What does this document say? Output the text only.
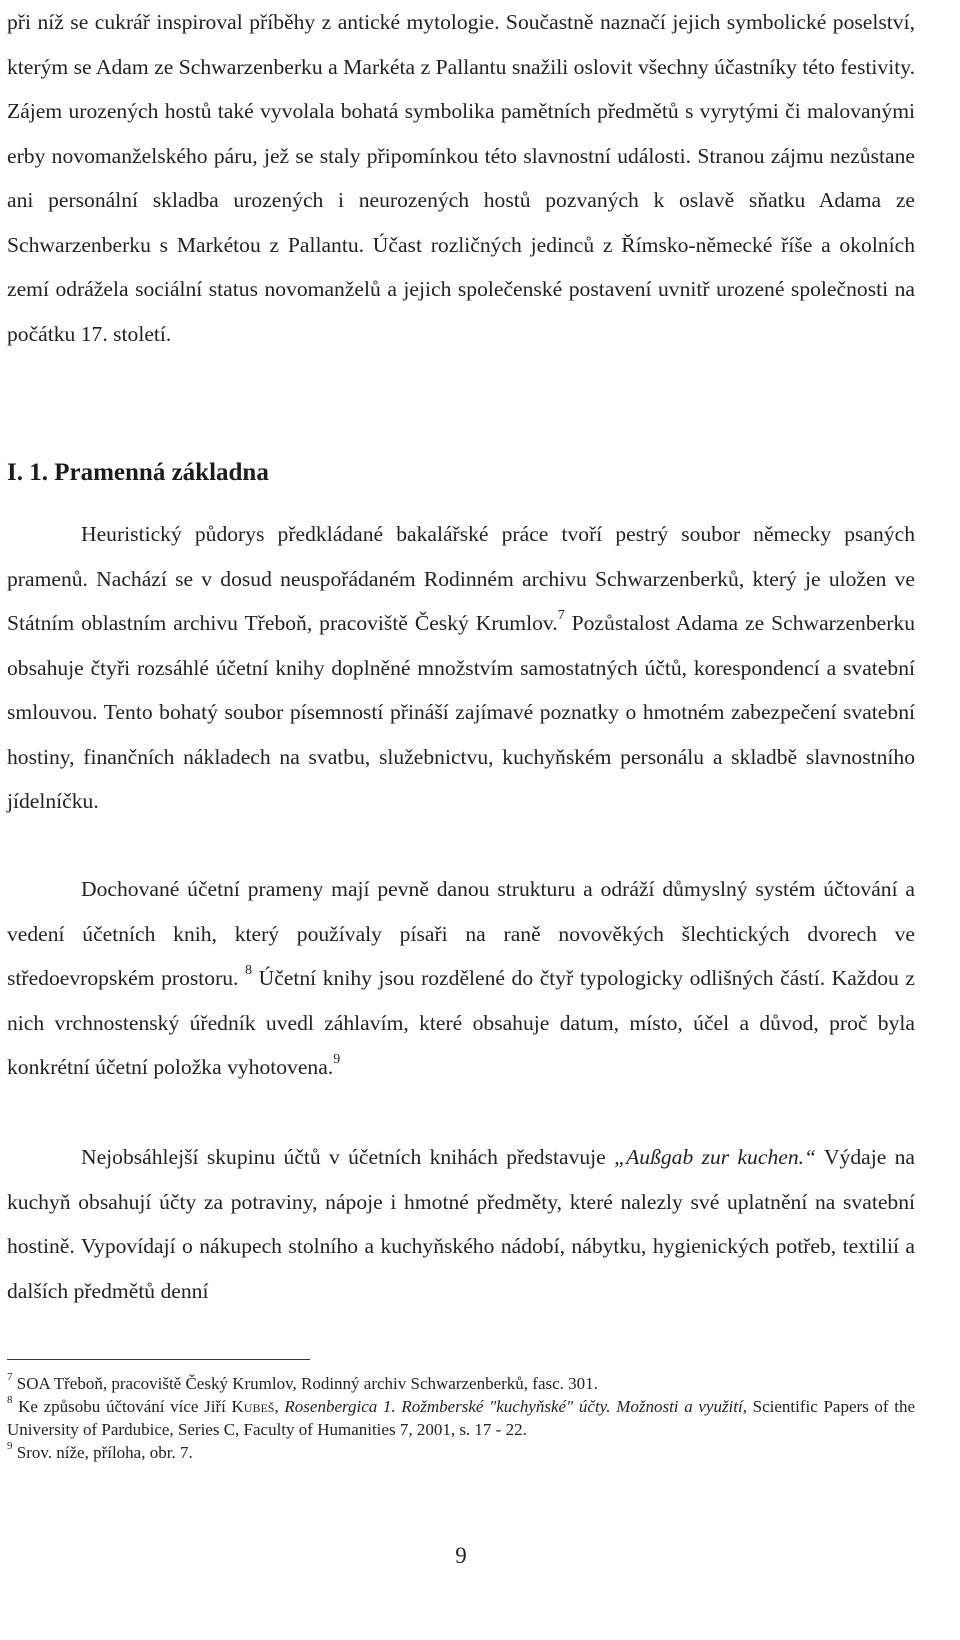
při níž se cukrář inspiroval příběhy z antické mytologie. Součastně naznačí jejich symbolické poselství, kterým se Adam ze Schwarzenberku a Markéta z Pallantu snažili oslovit všechny účastníky této festivity. Zájem urozených hostů také vyvolala bohatá symbolika pamětních předmětů s vyrytými či malovanými erby novomanželského páru, jež se staly připomínkou této slavnostní události. Stranou zájmu nezůstane ani personální skladba urozených i neurozených hostů pozvaných k oslavě sňatku Adama ze Schwarzenberku s Markétou z Pallantu. Účast rozličných jedinců z Římsko-německé říše a okolních zemí odrážela sociální status novomanželů a jejich společenské postavení uvnitř urozené společnosti na počátku 17. století.

I. 1. Pramenná základna

Heuristický půdorys předkládané bakalářské práce tvoří pestrý soubor německy psaných pramenů. Nachází se v dosud neuspořádaném Rodinném archivu Schwarzenberků, který je uložen ve Státním oblastním archivu Třeboň, pracoviště Český Krumlov.$^7$ Pozůstalost Adama ze Schwarzenberku obsahuje čtyři rozsáhlé účetní knihy doplněné množstvím samostatných účtů, korespondencí a svatební smlouvou. Tento bohatý soubor písemností přináší zajímavé poznatky o hmotném zabezpečení svatební hostiny, finančních nákladech na svatbu, služebnictvu, kuchyňském personálu a skladbě slavnostního jídelníčku.

Dochované účetní prameny mají pevně danou strukturu a odráží důmyslný systém účtování a vedení účetních knih, který používaly písaři na raně novověkých šlechtických dvorech ve středoevropském prostoru. $^8$ Účetní knihy jsou rozdělené do čtyř typologicky odlišných částí. Každou z nich vrchnostenský úředník uvedl záhlavím, které obsahuje datum, místo, účel a důvod, proč byla konkrétní účetní položka vyhotovena.$^9$

Nejobsáhlejší skupinu účtů v účetních knihách představuje „Außgab zur kuchen.“ Výdaje na kuchyň obsahují účty za potraviny, nápoje i hmotné předměty, které nalezly své uplatnění na svatební hostině. Vypovídají o nákupech stolního a kuchyňského nádobí, nábytku, hygienických potřeb, textilií a dalších předmětů denní

$^7$ SOA Třeboň, pracoviště Český Krumlov, Rodinný archiv Schwarzenberků, fasc. 301.

$^8$ Ke způsobu účtování více Jiří Kubeš, Rosenbergica 1. Rožmberské "kuchyňské" účty. Možnosti a využití, Scientific Papers of the University of Pardubice, Series C, Faculty of Humanities 7, 2001, s. 17 - 22.

$^9$ Srov. níže, příloha, obr. 7.

9
